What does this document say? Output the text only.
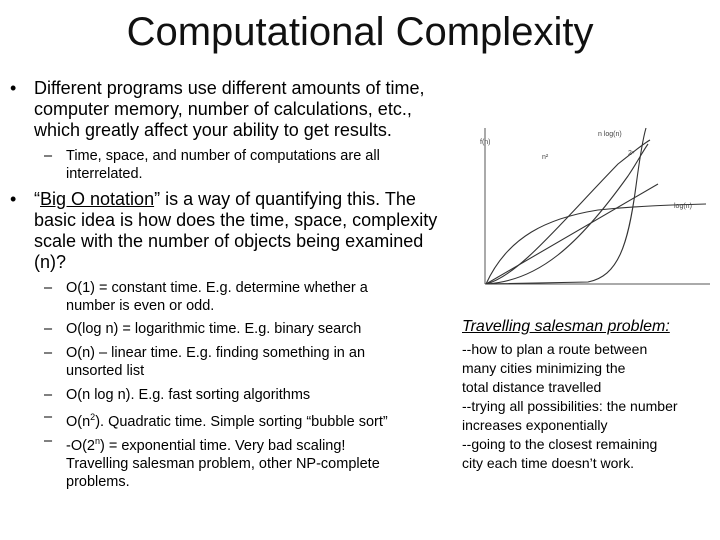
Computational Complexity
• Different programs use different amounts of time,
computer memory, number of calculations, etc.,
which greatly affect your ability to get results.
– Time, space, and number of computations are all
interrelated.
• “Big O notation” is a way of quantifying this. The
basic idea is how does the time, space, complexity
scale with the number of objects being examined
(n)?
– O(1) = constant time. E.g. determine whether a
number is even or odd.
– O(log n) = logarithmic time. E.g. binary search
– O(n) – linear time. E.g. finding something in an
unsorted list
– O(n log n). E.g. fast sorting algorithms
– $O(n^2)$. Quadratic time. Simple sorting “bubble sort”
– $-O(2^n)$ = exponential time. Very bad scaling!
Travelling salesman problem, other NP-complete
problems.
f(n)
n log(n)
n²
2ⁿ
log(n)
Travelling salesman problem:
--how to plan a route between
many cities minimizing the
total distance travelled
--trying all possibilities: the number
increases exponentially
--going to the closest remaining
city each time doesn’t work.
